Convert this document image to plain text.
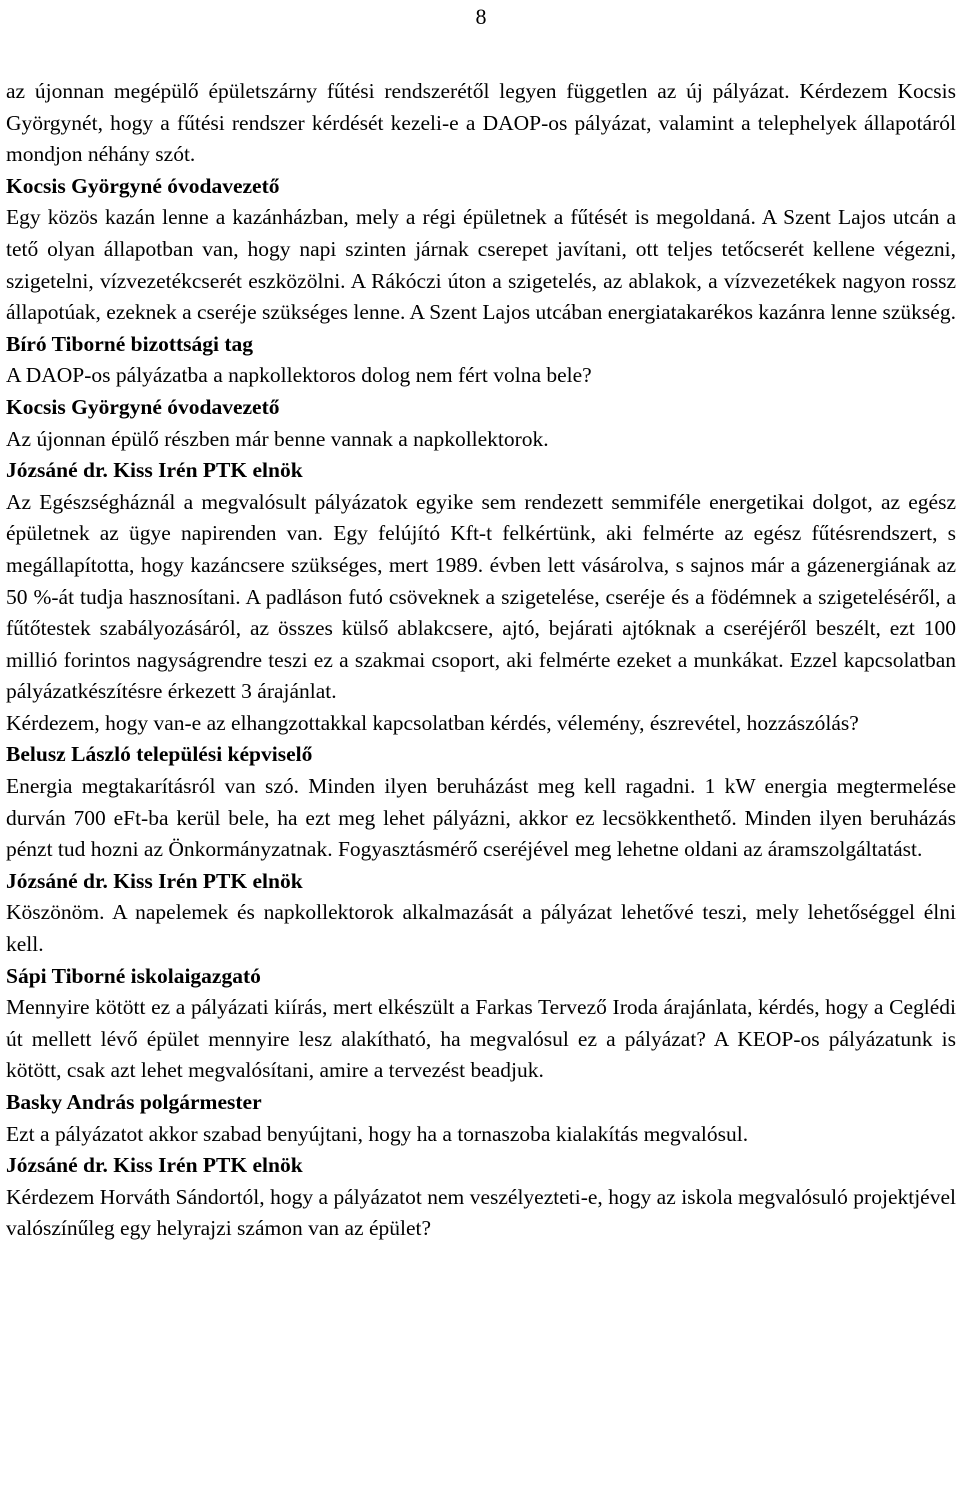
8

az újonnan megépülő épületszárny fűtési rendszerétől legyen független az új pályázat. Kérdezem Kocsis Györgynét, hogy a fűtési rendszer kérdését kezeli-e a DAOP-os pályázat, valamint a telephelyek állapotáról mondjon néhány szót.

Kocsis Györgyné óvodavezető

Egy közös kazán lenne a kazánházban, mely a régi épületnek a fűtését is megoldaná. A Szent Lajos utcán a tető olyan állapotban van, hogy napi szinten járnak cserepet javítani, ott teljes tetőcserét kellene végezni, szigetelni, vízvezetékcserét eszközölni. A Rákóczi úton a szigetelés, az ablakok, a vízvezetékek nagyon rossz állapotúak, ezeknek a cseréje szükséges lenne. A Szent Lajos utcában energiatakarékos kazánra lenne szükség.

Bíró Tiborné bizottsági tag

A DAOP-os pályázatba a napkollektoros dolog nem fért volna bele?

Kocsis Györgyné óvodavezető

Az újonnan épülő részben már benne vannak a napkollektorok.

Józsáné dr. Kiss Irén PTK elnök

Az Egészségháznál a megvalósult pályázatok egyike sem rendezett semmiféle energetikai dolgot, az egész épületnek az ügye napirenden van. Egy felújító Kft-t felkértünk, aki felmérte az egész fűtésrendszert, s megállapította, hogy kazáncsere szükséges, mert 1989. évben lett vásárolva, s sajnos már a gázenergiának az 50 %-át tudja hasznosítani. A padláson futó csöveknek a szigetelése, cseréje és a födémnek a szigeteléséről, a fűtőtestek szabályozásáról, az összes külső ablakcsere, ajtó, bejárati ajtóknak a cseréjéről beszélt, ezt 100 millió forintos nagyságrendre teszi ez a szakmai csoport, aki felmérte ezeket a munkákat. Ezzel kapcsolatban pályázatkészítésre érkezett 3 árajánlat.

Kérdezem, hogy van-e az elhangzottakkal kapcsolatban kérdés, vélemény, észrevétel, hozzászólás?

Belusz László települési képviselő

Energia megtakarításról van szó. Minden ilyen beruházást meg kell ragadni. 1 kW energia megtermelése durván 700 eFt-ba kerül bele, ha ezt meg lehet pályázni, akkor ez lecsökkenthető. Minden ilyen beruházás pénzt tud hozni az Önkormányzatnak. Fogyasztásmérő cseréjével meg lehetne oldani az áramszolgáltatást.

Józsáné dr. Kiss Irén PTK elnök

Köszönöm. A napelemek és napkollektorok alkalmazását a pályázat lehetővé teszi, mely lehetőséggel élni kell.

Sápi Tiborné iskolaigazgató

Mennyire kötött ez a pályázati kiírás, mert elkészült a Farkas Tervező Iroda árajánlata, kérdés, hogy a Ceglédi út mellett lévő épület mennyire lesz alakítható, ha megvalósul ez a pályázat? A KEOP-os pályázatunk is kötött, csak azt lehet megvalósítani, amire a tervezést beadjuk.

Basky András polgármester

Ezt a pályázatot akkor szabad benyújtani, hogy ha a tornaszoba kialakítás megvalósul.

Józsáné dr. Kiss Irén PTK elnök

Kérdezem Horváth Sándortól, hogy a pályázatot nem veszélyezteti-e, hogy az iskola megvalósuló projektjével valószínűleg egy helyrajzi számon van az épület?
